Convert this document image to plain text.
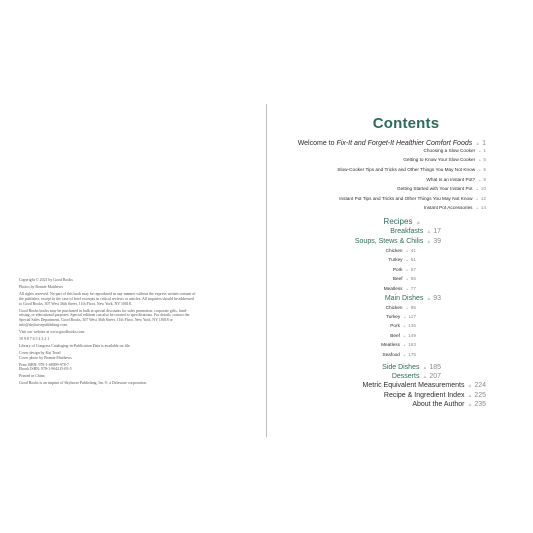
Copyright © 2021 by Good Books

Photos by Bonnie Matthews

All rights reserved. No part of this book may be reproduced in any manner without the express written consent of the publisher, except in the case of brief excerpts in critical reviews or articles. All inquiries should be addressed to Good Books, 307 West 36th Street, 11th Floor, New York, NY 10018.

Good Books books may be purchased in bulk at special discounts for sales promotion, corporate gifts, fund-raising, or educational purposes. Special editions can also be created to specifications. For details, contact the Special Sales Department, Good Books, 307 West 36th Street, 11th Floor, New York, NY 10018 or info@skyhorsepublishing.com.

Visit our website at www.goodbooks.com.

10 9 8 7 6 5 4 3 2 1

Library of Congress Cataloging-in-Publication Data is available on file.

Cover design by Kai Texel
Cover photo by Bonnie Matthews

Print ISBN: 978-1-68099-978-7
Ebook ISBN: 978-1-964215-05-5

Printed in China

Good Books is an imprint of Skyhorse Publishing, Inc.®, a Delaware corporation.

Contents
Welcome to Fix-It and Forget-It Healthier Comfort Foods ▲ 1
Choosing a Slow Cooker ▲ 1
Getting to Know Your Slow Cooker ▲ 5
Slow-Cooker Tips and Tricks and Other Things You May Not Know ▲ 6
What Is an Instant Pot? ▲ 9
Getting Started with Your Instant Pot ▲ 10
Instant Pot Tips and Tricks and Other Things You May Not Know ▲ 12
Instant Pot Accessories ▲ 14
Recipes ▲
Breakfasts ▲ 17
Soups, Stews & Chilis ▲ 39
Chicken ▲ 41
Turkey ▲ 51
Pork ▲ 57
Beef ▲ 65
Meatless ▲ 77
Main Dishes ▲ 93
Chicken ▲ 95
Turkey ▲ 117
Pork ▲ 135
Beef ▲ 149
Meatless ▲ 163
Seafood ▲ 175
Side Dishes ▲ 185
Desserts ▲ 207
Metric Equivalent Measurements ▲ 224
Recipe & Ingredient Index ▲ 225
About the Author ▲ 235
